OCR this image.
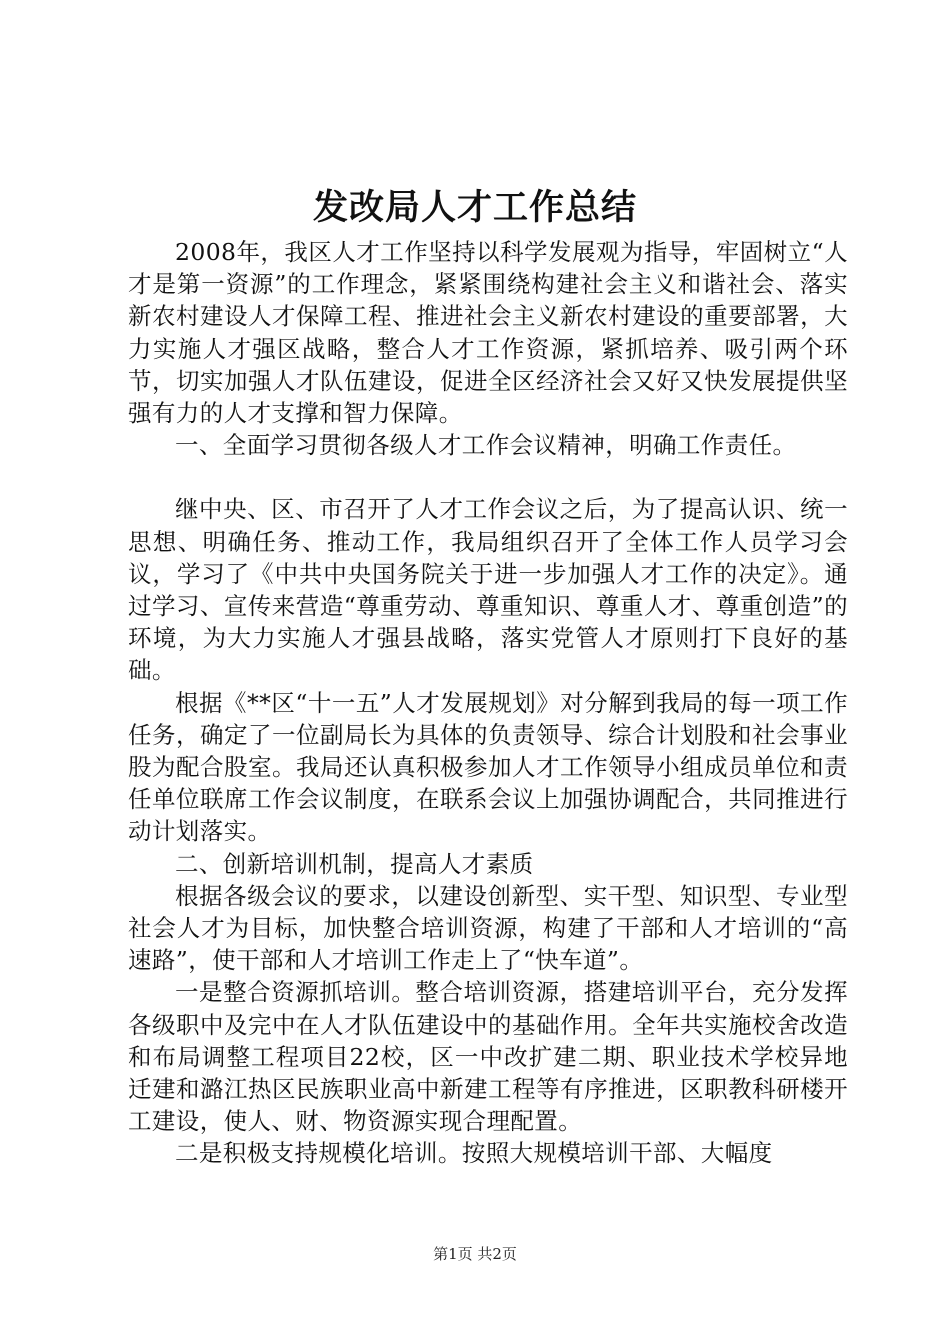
发改局人才工作总结

2008年，我区人才工作坚持以科学发展观为指导，牢固树立“人才是第一资源”的工作理念，紧紧围绕构建社会主义和谐社会、落实新农村建设人才保障工程、推进社会主义新农村建设的重要部署，大力实施人才强区战略，整合人才工作资源，紧抓培养、吸引两个环节，切实加强人才队伍建设，促进全区经济社会又好又快发展提供坚强有力的人才支撑和智力保障。

一、全面学习贯彻各级人才工作会议精神，明确工作责任。

继中央、区、市召开了人才工作会议之后，为了提高认识、统一思想、明确任务、推动工作，我局组织召开了全体工作人员学习会议，学习了《中共中央国务院关于进一步加强人才工作的决定》。通过学习、宣传来营造“尊重劳动、尊重知识、尊重人才、尊重创造”的环境，为大力实施人才强县战略，落实党管人才原则打下良好的基础。

根据《**区“十一五”人才发展规划》对分解到我局的每一项工作任务，确定了一位副局长为具体的负责领导、综合计划股和社会事业股为配合股室。我局还认真积极参加人才工作领导小组成员单位和责任单位联席工作会议制度，在联系会议上加强协调配合，共同推进行动计划落实。

二、创新培训机制，提高人才素质

根据各级会议的要求，以建设创新型、实干型、知识型、专业型社会人才为目标，加快整合培训资源，构建了干部和人才培训的“高速路”，使干部和人才培训工作走上了“快车道”。

一是整合资源抓培训。整合培训资源，搭建培训平台，充分发挥各级职中及完中在人才队伍建设中的基础作用。全年共实施校舍改造和布局调整工程项目22校，区一中改扩建二期、职业技术学校异地迁建和潞江热区民族职业高中新建工程等有序推进，区职教科研楼开工建设，使人、财、物资源实现合理配置。

二是积极支持规模化培训。按照大规模培训干部、大幅度

第1页 共2页
